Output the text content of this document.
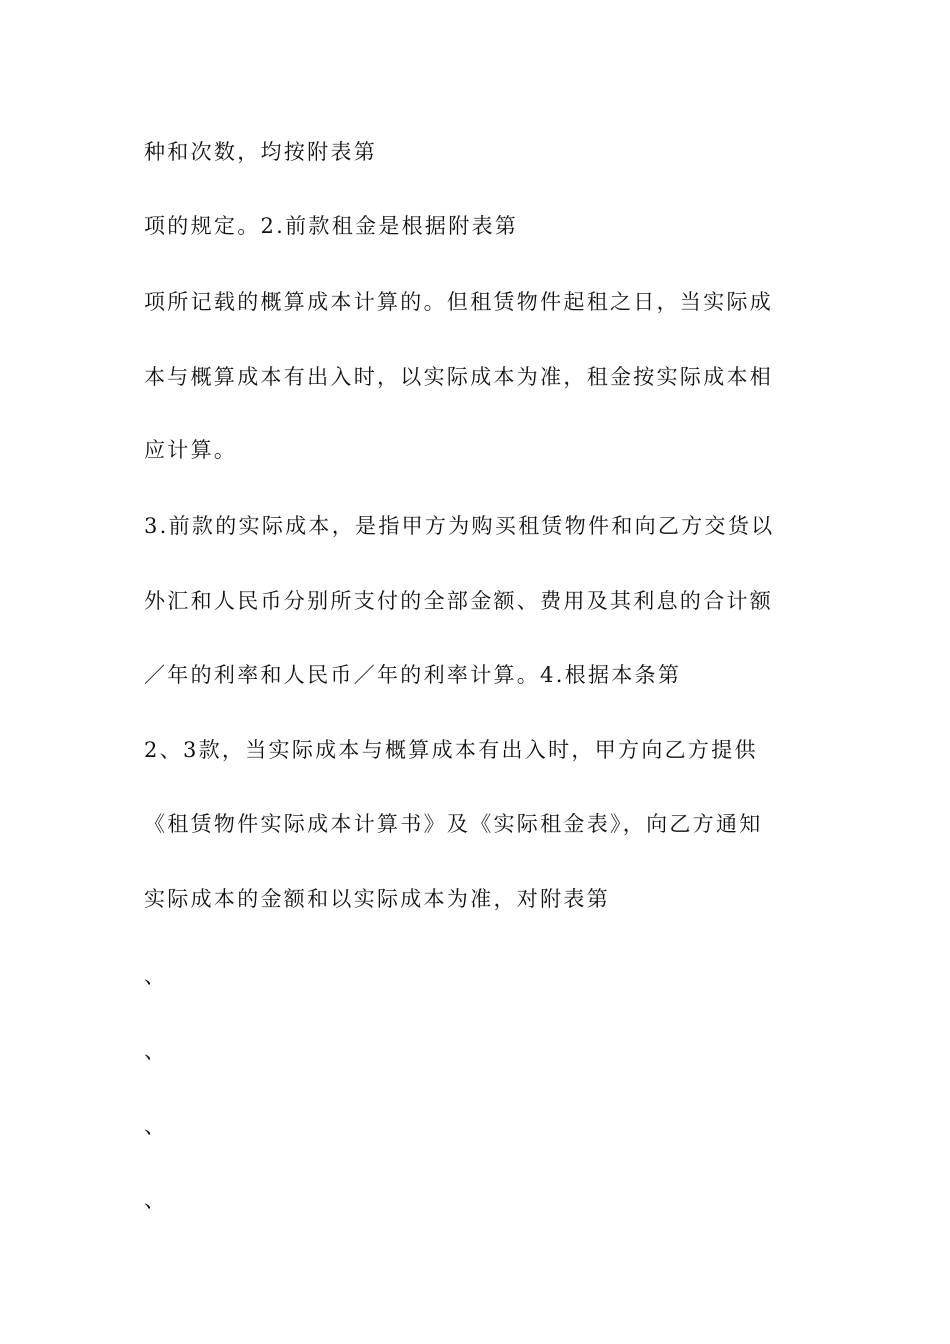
种和次数，均按附表第
项的规定。2.前款租金是根据附表第
项所记载的概算成本计算的。但租赁物件起租之日，当实际成
本与概算成本有出入时，以实际成本为准，租金按实际成本相
应计算。
3.前款的实际成本，是指甲方为购买租赁物件和向乙方交货以
外汇和人民币分别所支付的全部金额、费用及其利息的合计额
／年的利率和人民币／年的利率计算。4.根据本条第
2、3款，当实际成本与概算成本有出入时，甲方向乙方提供
《租赁物件实际成本计算书》及《实际租金表》，向乙方通知
实际成本的金额和以实际成本为准，对附表第
、
、
、
、
